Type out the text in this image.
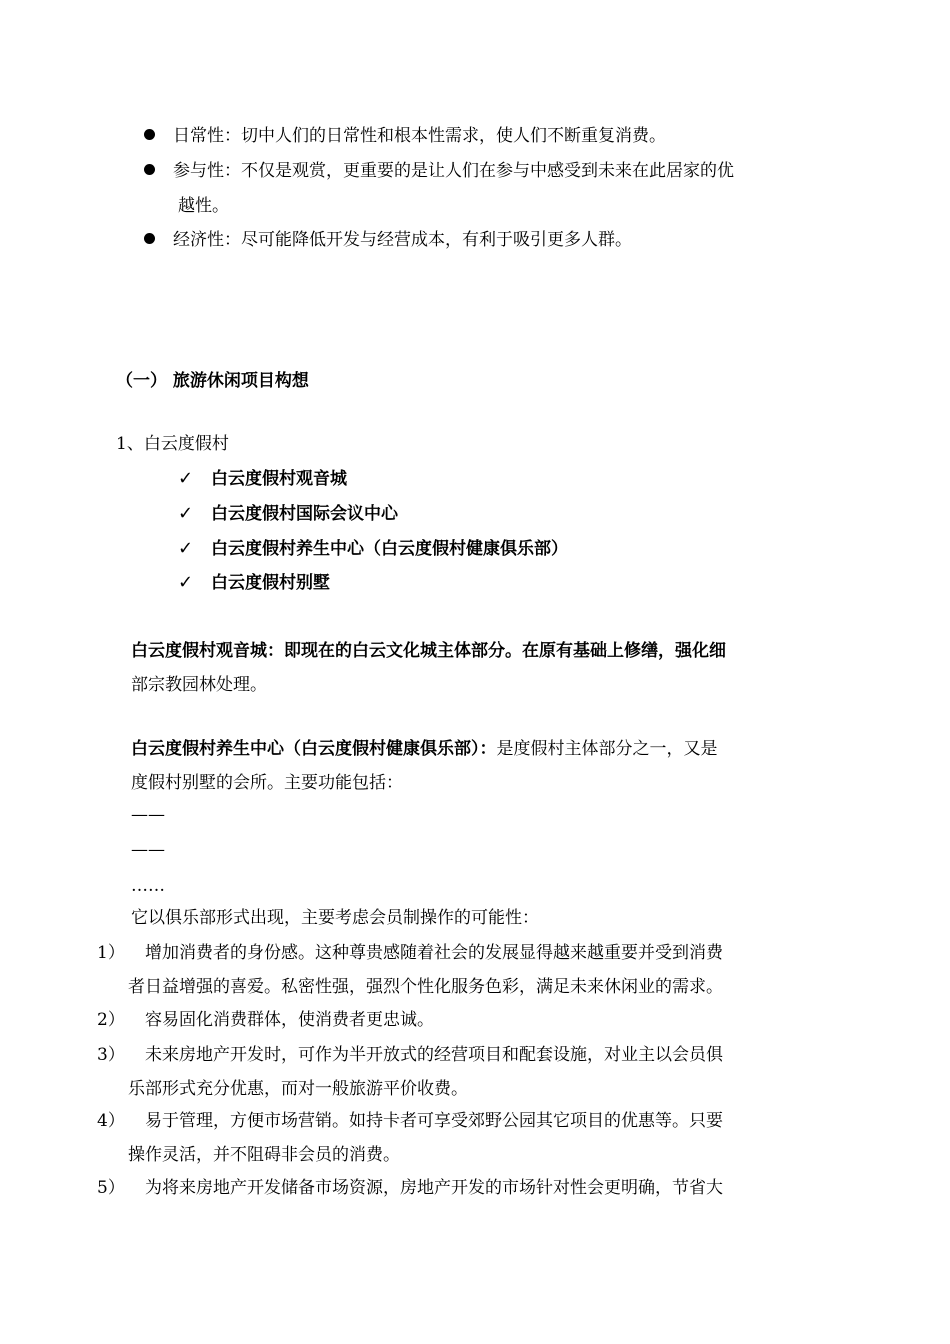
日常性：切中人们的日常性和根本性需求，使人们不断重复消费。
参与性：不仅是观赏，更重要的是让人们在参与中感受到未来在此居家的优
越性。
经济性：尽可能降低开发与经营成本，有利于吸引更多人群。
（一） 旅游休闲项目构想
1、白云度假村
✓ 白云度假村观音城
✓ 白云度假村国际会议中心
✓ 白云度假村养生中心（白云度假村健康俱乐部）
✓ 白云度假村别墅
白云度假村观音城：即现在的白云文化城主体部分。在原有基础上修缮，强化细
部宗教园林处理。
白云度假村养生中心（白云度假村健康俱乐部）：是度假村主体部分之一，又是
度假村别墅的会所。主要功能包括：
——
——
……
它以俱乐部形式出现，主要考虑会员制操作的可能性：
1） 增加消费者的身份感。这种尊贵感随着社会的发展显得越来越重要并受到消费
者日益增强的喜爱。私密性强，强烈个性化服务色彩，满足未来休闲业的需求。
2） 容易固化消费群体，使消费者更忠诚。
3） 未来房地产开发时，可作为半开放式的经营项目和配套设施，对业主以会员俱
乐部形式充分优惠，而对一般旅游平价收费。
4） 易于管理，方便市场营销。如持卡者可享受郊野公园其它项目的优惠等。只要
操作灵活，并不阻碍非会员的消费。
5） 为将来房地产开发储备市场资源，房地产开发的市场针对性会更明确，节省大
